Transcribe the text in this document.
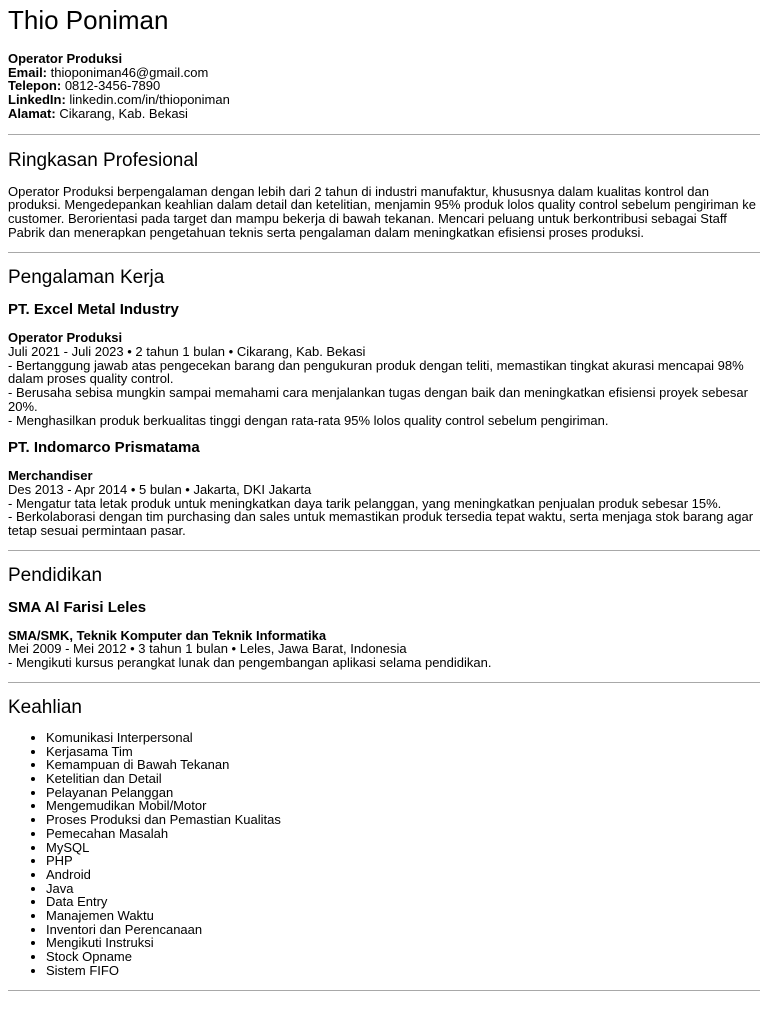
Thio Poniman
Operator Produksi
Email: thioponiman46@gmail.com
Telepon: 0812-3456-7890
LinkedIn: linkedin.com/in/thioponiman
Alamat: Cikarang, Kab. Bekasi
Ringkasan Profesional

Operator Produksi berpengalaman dengan lebih dari 2 tahun di industri manufaktur, khususnya dalam kualitas kontrol dan produksi. Mengedepankan keahlian dalam detail dan ketelitian, menjamin 95% produk lolos quality control sebelum pengiriman ke customer. Berorientasi pada target dan mampu bekerja di bawah tekanan. Mencari peluang untuk berkontribusi sebagai Staff Pabrik dan menerapkan pengetahuan teknis serta pengalaman dalam meningkatkan efisiensi proses produksi.

Pengalaman Kerja
PT. Excel Metal Industry
Operator Produksi
Juli 2021 - Juli 2023 • 2 tahun 1 bulan • Cikarang, Kab. Bekasi
- Bertanggung jawab atas pengecekan barang dan pengukuran produk dengan teliti, memastikan tingkat akurasi mencapai 98% dalam proses quality control.
- Berusaha sebisa mungkin sampai memahami cara menjalankan tugas dengan baik dan meningkatkan efisiensi proyek sebesar 20%.
- Menghasilkan produk berkualitas tinggi dengan rata-rata 95% lolos quality control sebelum pengiriman.
PT. Indomarco Prismatama
Merchandiser
Des 2013 - Apr 2014 • 5 bulan • Jakarta, DKI Jakarta
- Mengatur tata letak produk untuk meningkatkan daya tarik pelanggan, yang meningkatkan penjualan produk sebesar 15%.
- Berkolaborasi dengan tim purchasing dan sales untuk memastikan produk tersedia tepat waktu, serta menjaga stok barang agar tetap sesuai permintaan pasar.
Pendidikan
SMA Al Farisi Leles
SMA/SMK, Teknik Komputer dan Teknik Informatika
Mei 2009 - Mei 2012 • 3 tahun 1 bulan • Leles, Jawa Barat, Indonesia
- Mengikuti kursus perangkat lunak dan pengembangan aplikasi selama pendidikan.
Keahlian
• Komunikasi Interpersonal
• Kerjasama Tim
• Kemampuan di Bawah Tekanan
• Ketelitian dan Detail
• Pelayanan Pelanggan
• Mengemudikan Mobil/Motor
• Proses Produksi dan Pemastian Kualitas
• Pemecahan Masalah
• MySQL
• PHP
• Android
• Java
• Data Entry
• Manajemen Waktu
• Inventori dan Perencanaan
• Mengikuti Instruksi
• Stock Opname
• Sistem FIFO
